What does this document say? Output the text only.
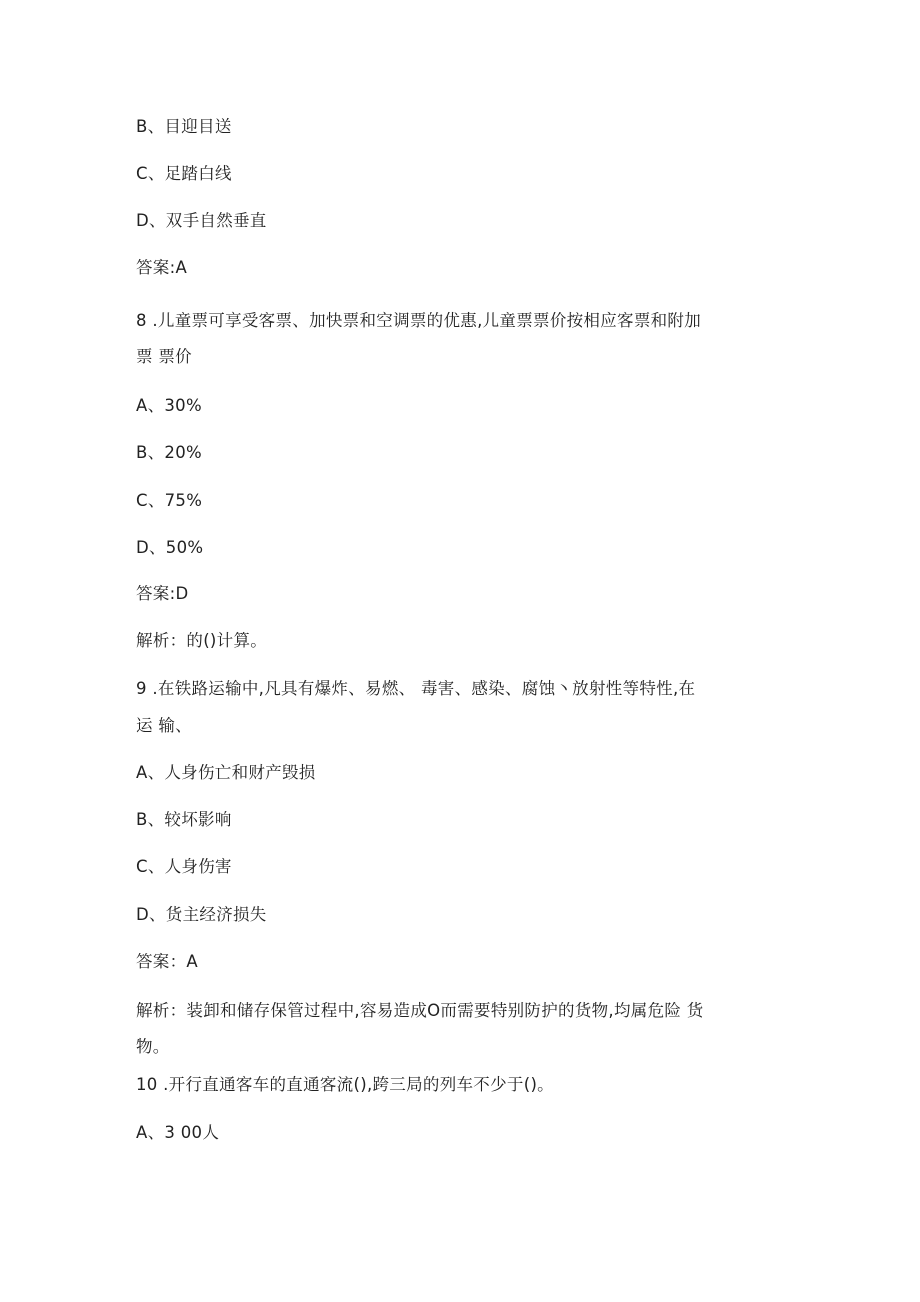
B、目迎目送
C、足踏白线
D、双手自然垂直
答案:A
8 .儿童票可享受客票、加快票和空调票的优惠,儿童票票价按相应客票和附加
票 票价
A、30%
B、20%
C、75%
D、50%
答案:D
解析：的()计算。
9 .在铁路运输中,凡具有爆炸、易燃、 毒害、感染、腐蚀丶放射性等特性,在
运 输、
A、人身伤亡和财产毁损
B、较坏影响
C、人身伤害
D、货主经济损失
答案：A
解析：装卸和储存保管过程中,容易造成O而需要特别防护的货物,均属危险 货
物。
10 .开行直通客车的直通客流(),跨三局的列车不少于()。
A、3 00人
